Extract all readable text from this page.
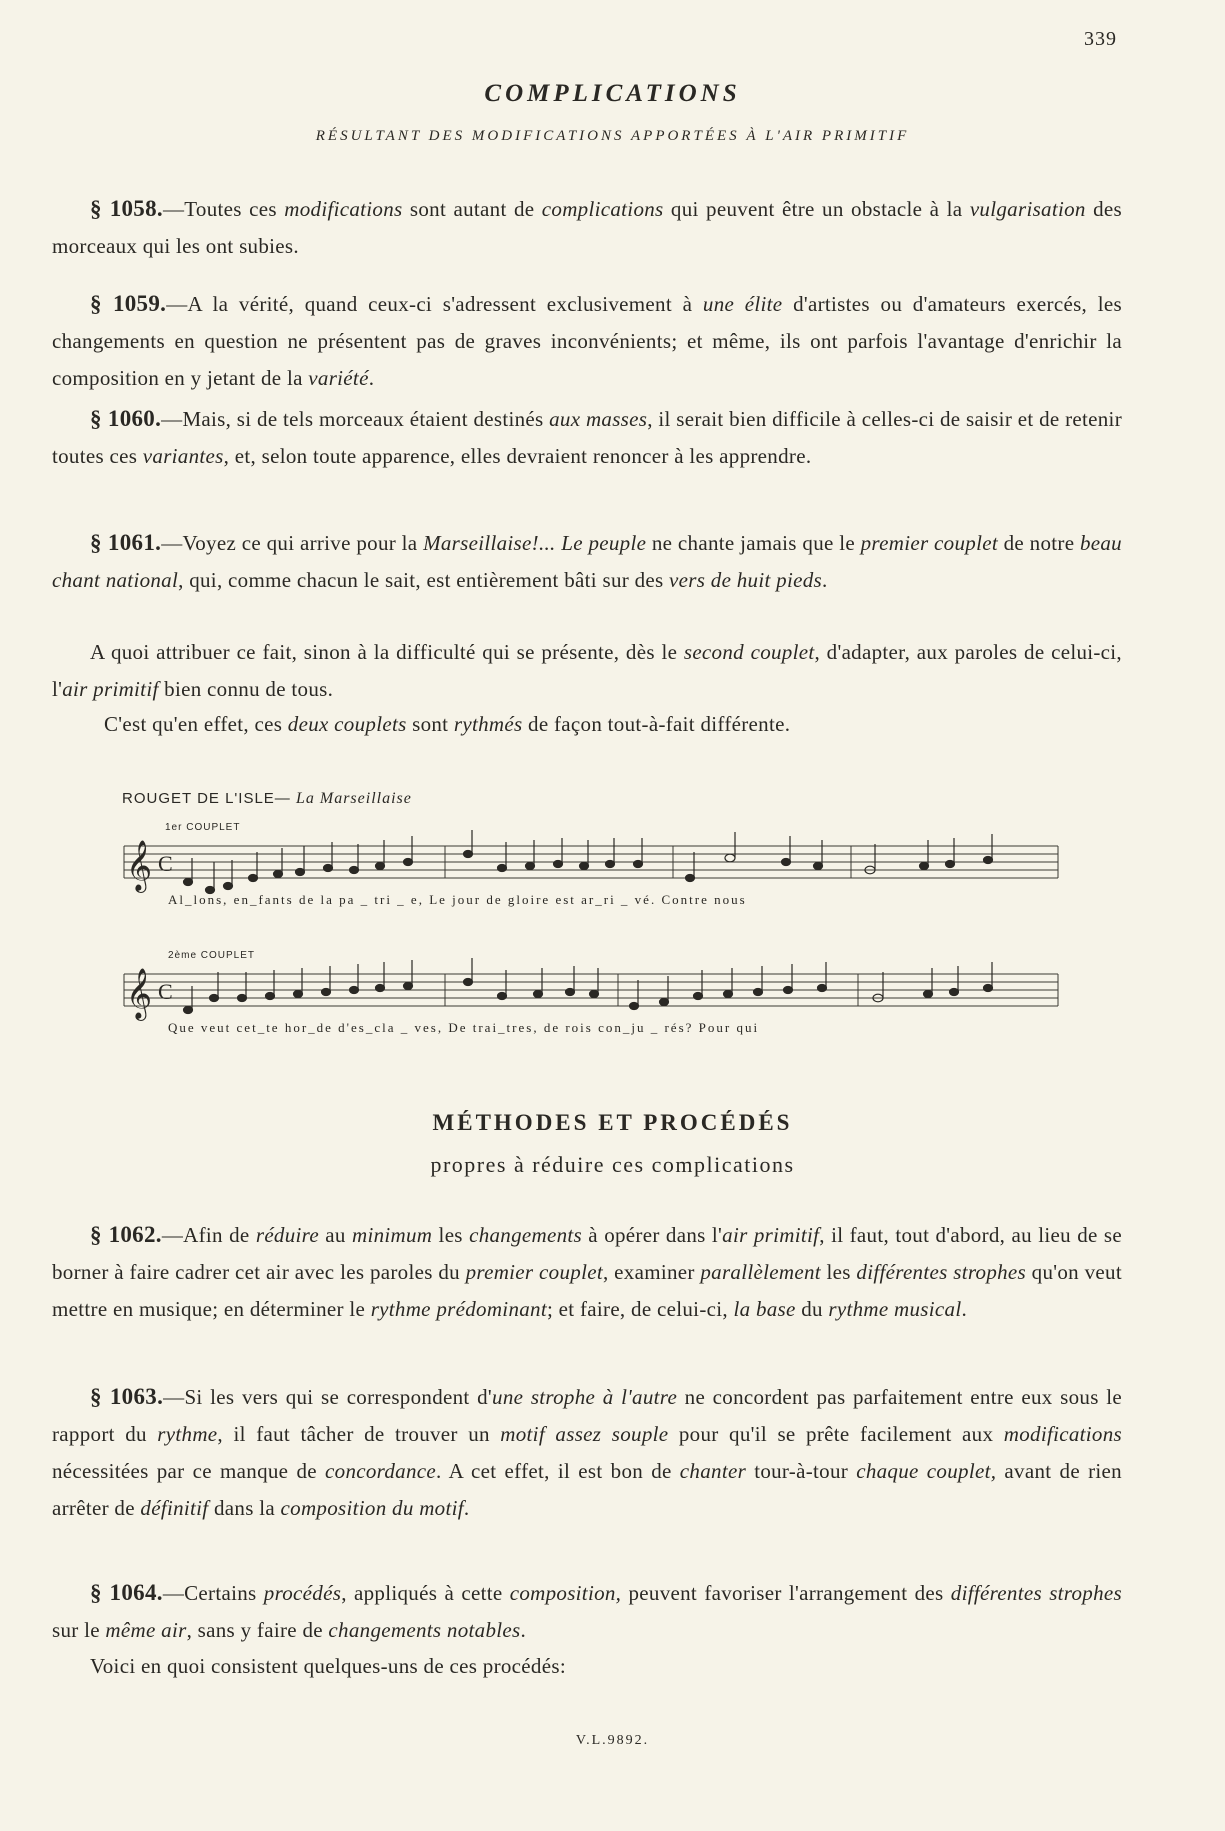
339
COMPLICATIONS
RÉSULTANT DES MODIFICATIONS APPORTÉES À L'AIR PRIMITIF

§ 1058.—Toutes ces modifications sont autant de complications qui peuvent être un obstacle à la vulgarisation des morceaux qui les ont subies.

§ 1059.—A la vérité, quand ceux-ci s'adressent exclusivement à une élite d'artistes ou d'amateurs exercés, les changements en question ne présentent pas de graves inconvénients; et même, ils ont parfois l'avantage d'enrichir la composition en y jetant de la variété.

§ 1060.—Mais, si de tels morceaux étaient destinés aux masses, il serait bien difficile à celles-ci de saisir et de retenir toutes ces variantes, et, selon toute apparence, elles devraient renoncer à les apprendre.

§ 1061.—Voyez ce qui arrive pour la Marseillaise!... Le peuple ne chante jamais que le premier couplet de notre beau chant national, qui, comme chacun le sait, est entièrement bâti sur des vers de huit pieds.

A quoi attribuer ce fait, sinon à la difficulté qui se présente, dès le second couplet, d'adapter, aux paroles de celui-ci, l'air primitif bien connu de tous.

C'est qu'en effet, ces deux couplets sont rythmés de façon tout-à-fait différente.

ROUGET DE L'ISLE— La Marseillaise
1er COUPLET
2ème COUPLET
𝄞 C
𝄞 C
Al_lons, en_fants de la pa _ tri _ e, Le jour de gloire est ar_ri _ vé. Contre nous
Que veut cet_te hor_de d'es_cla _ ves, De trai_tres, de rois con_ju _ rés? Pour qui
MÉTHODES ET PROCÉDÉS
propres à réduire ces complications

§ 1062.—Afin de réduire au minimum les changements à opérer dans l'air primitif, il faut, tout d'abord, au lieu de se borner à faire cadrer cet air avec les paroles du premier couplet, examiner parallèlement les différentes strophes qu'on veut mettre en musique; en déterminer le rythme prédominant; et faire, de celui-ci, la base du rythme musical.

§ 1063.—Si les vers qui se correspondent d'une strophe à l'autre ne concordent pas parfaitement entre eux sous le rapport du rythme, il faut tâcher de trouver un motif assez souple pour qu'il se prête facilement aux modifications nécessitées par ce manque de concordance. A cet effet, il est bon de chanter tour-à-tour chaque couplet, avant de rien arrêter de définitif dans la composition du motif.

§ 1064.—Certains procédés, appliqués à cette composition, peuvent favoriser l'arrangement des différentes strophes sur le même air, sans y faire de changements notables.

Voici en quoi consistent quelques-uns de ces procédés:

V.L.9892.
